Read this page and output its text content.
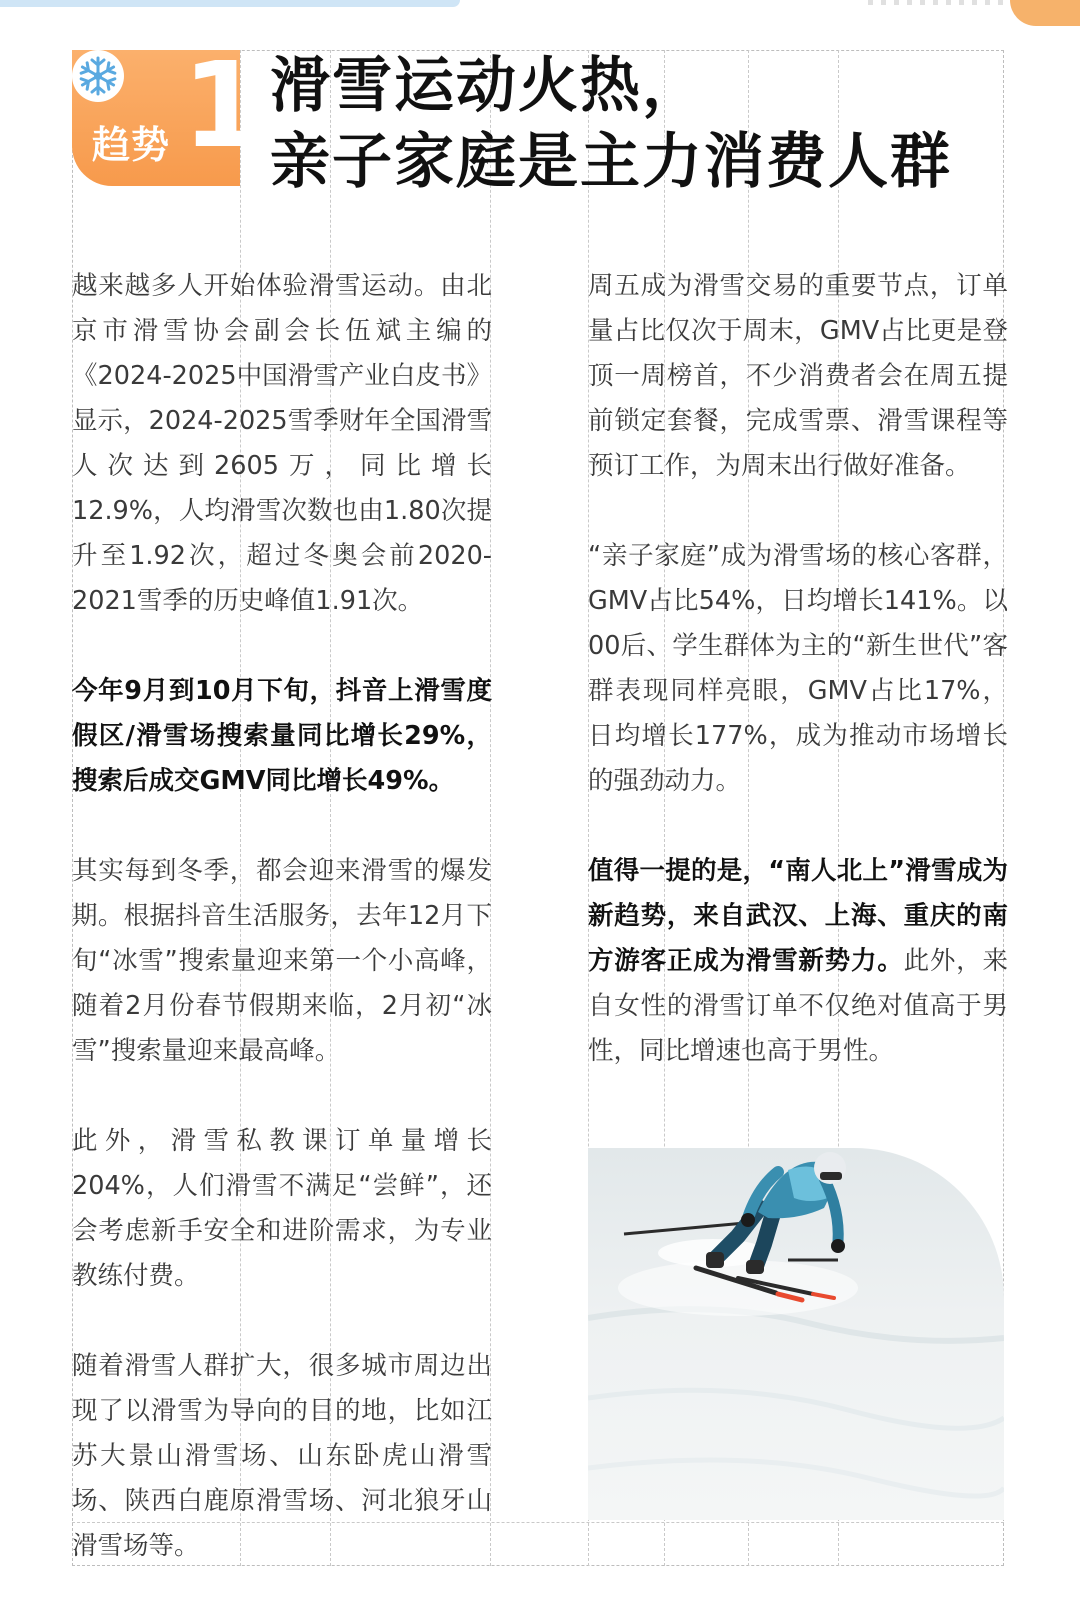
趋势 1 滑雪运动火热，
亲子家庭是主力消费人群

越来越多人开始体验滑雪运动。由北京市滑雪协会副会长伍斌主编的《2024-2025中国滑雪产业白皮书》显示，2024-2025雪季财年全国滑雪人次达到2605万，同比增长12.9%，人均滑雪次数也由1.80次提升至1.92次，超过冬奥会前2020-2021雪季的历史峰值1.91次。

今年9月到10月下旬，抖音上滑雪度假区/滑雪场搜索量同比增长29%，搜索后成交GMV同比增长49%。

其实每到冬季，都会迎来滑雪的爆发期。根据抖音生活服务，去年12月下旬“冰雪”搜索量迎来第一个小高峰，随着2月份春节假期来临，2月初“冰雪”搜索量迎来最高峰。

此外，滑雪私教课订单量增长204%，人们滑雪不满足“尝鲜”，还会考虑新手安全和进阶需求，为专业教练付费。

随着滑雪人群扩大，很多城市周边出现了以滑雪为导向的目的地，比如江苏大景山滑雪场、山东卧虎山滑雪场、陕西白鹿原滑雪场、河北狼牙山滑雪场等。

周五成为滑雪交易的重要节点，订单量占比仅次于周末，GMV占比更是登顶一周榜首，不少消费者会在周五提前锁定套餐，完成雪票、滑雪课程等预订工作，为周末出行做好准备。

“亲子家庭”成为滑雪场的核心客群，GMV占比54%，日均增长141%。以00后、学生群体为主的“新生世代”客群表现同样亮眼，GMV占比17%，日均增长177%，成为推动市场增长的强劲动力。

值得一提的是，“南人北上”滑雪成为新趋势，来自武汉、上海、重庆的南方游客正成为滑雪新势力。此外，来自女性的滑雪订单不仅绝对值高于男性，同比增速也高于男性。
